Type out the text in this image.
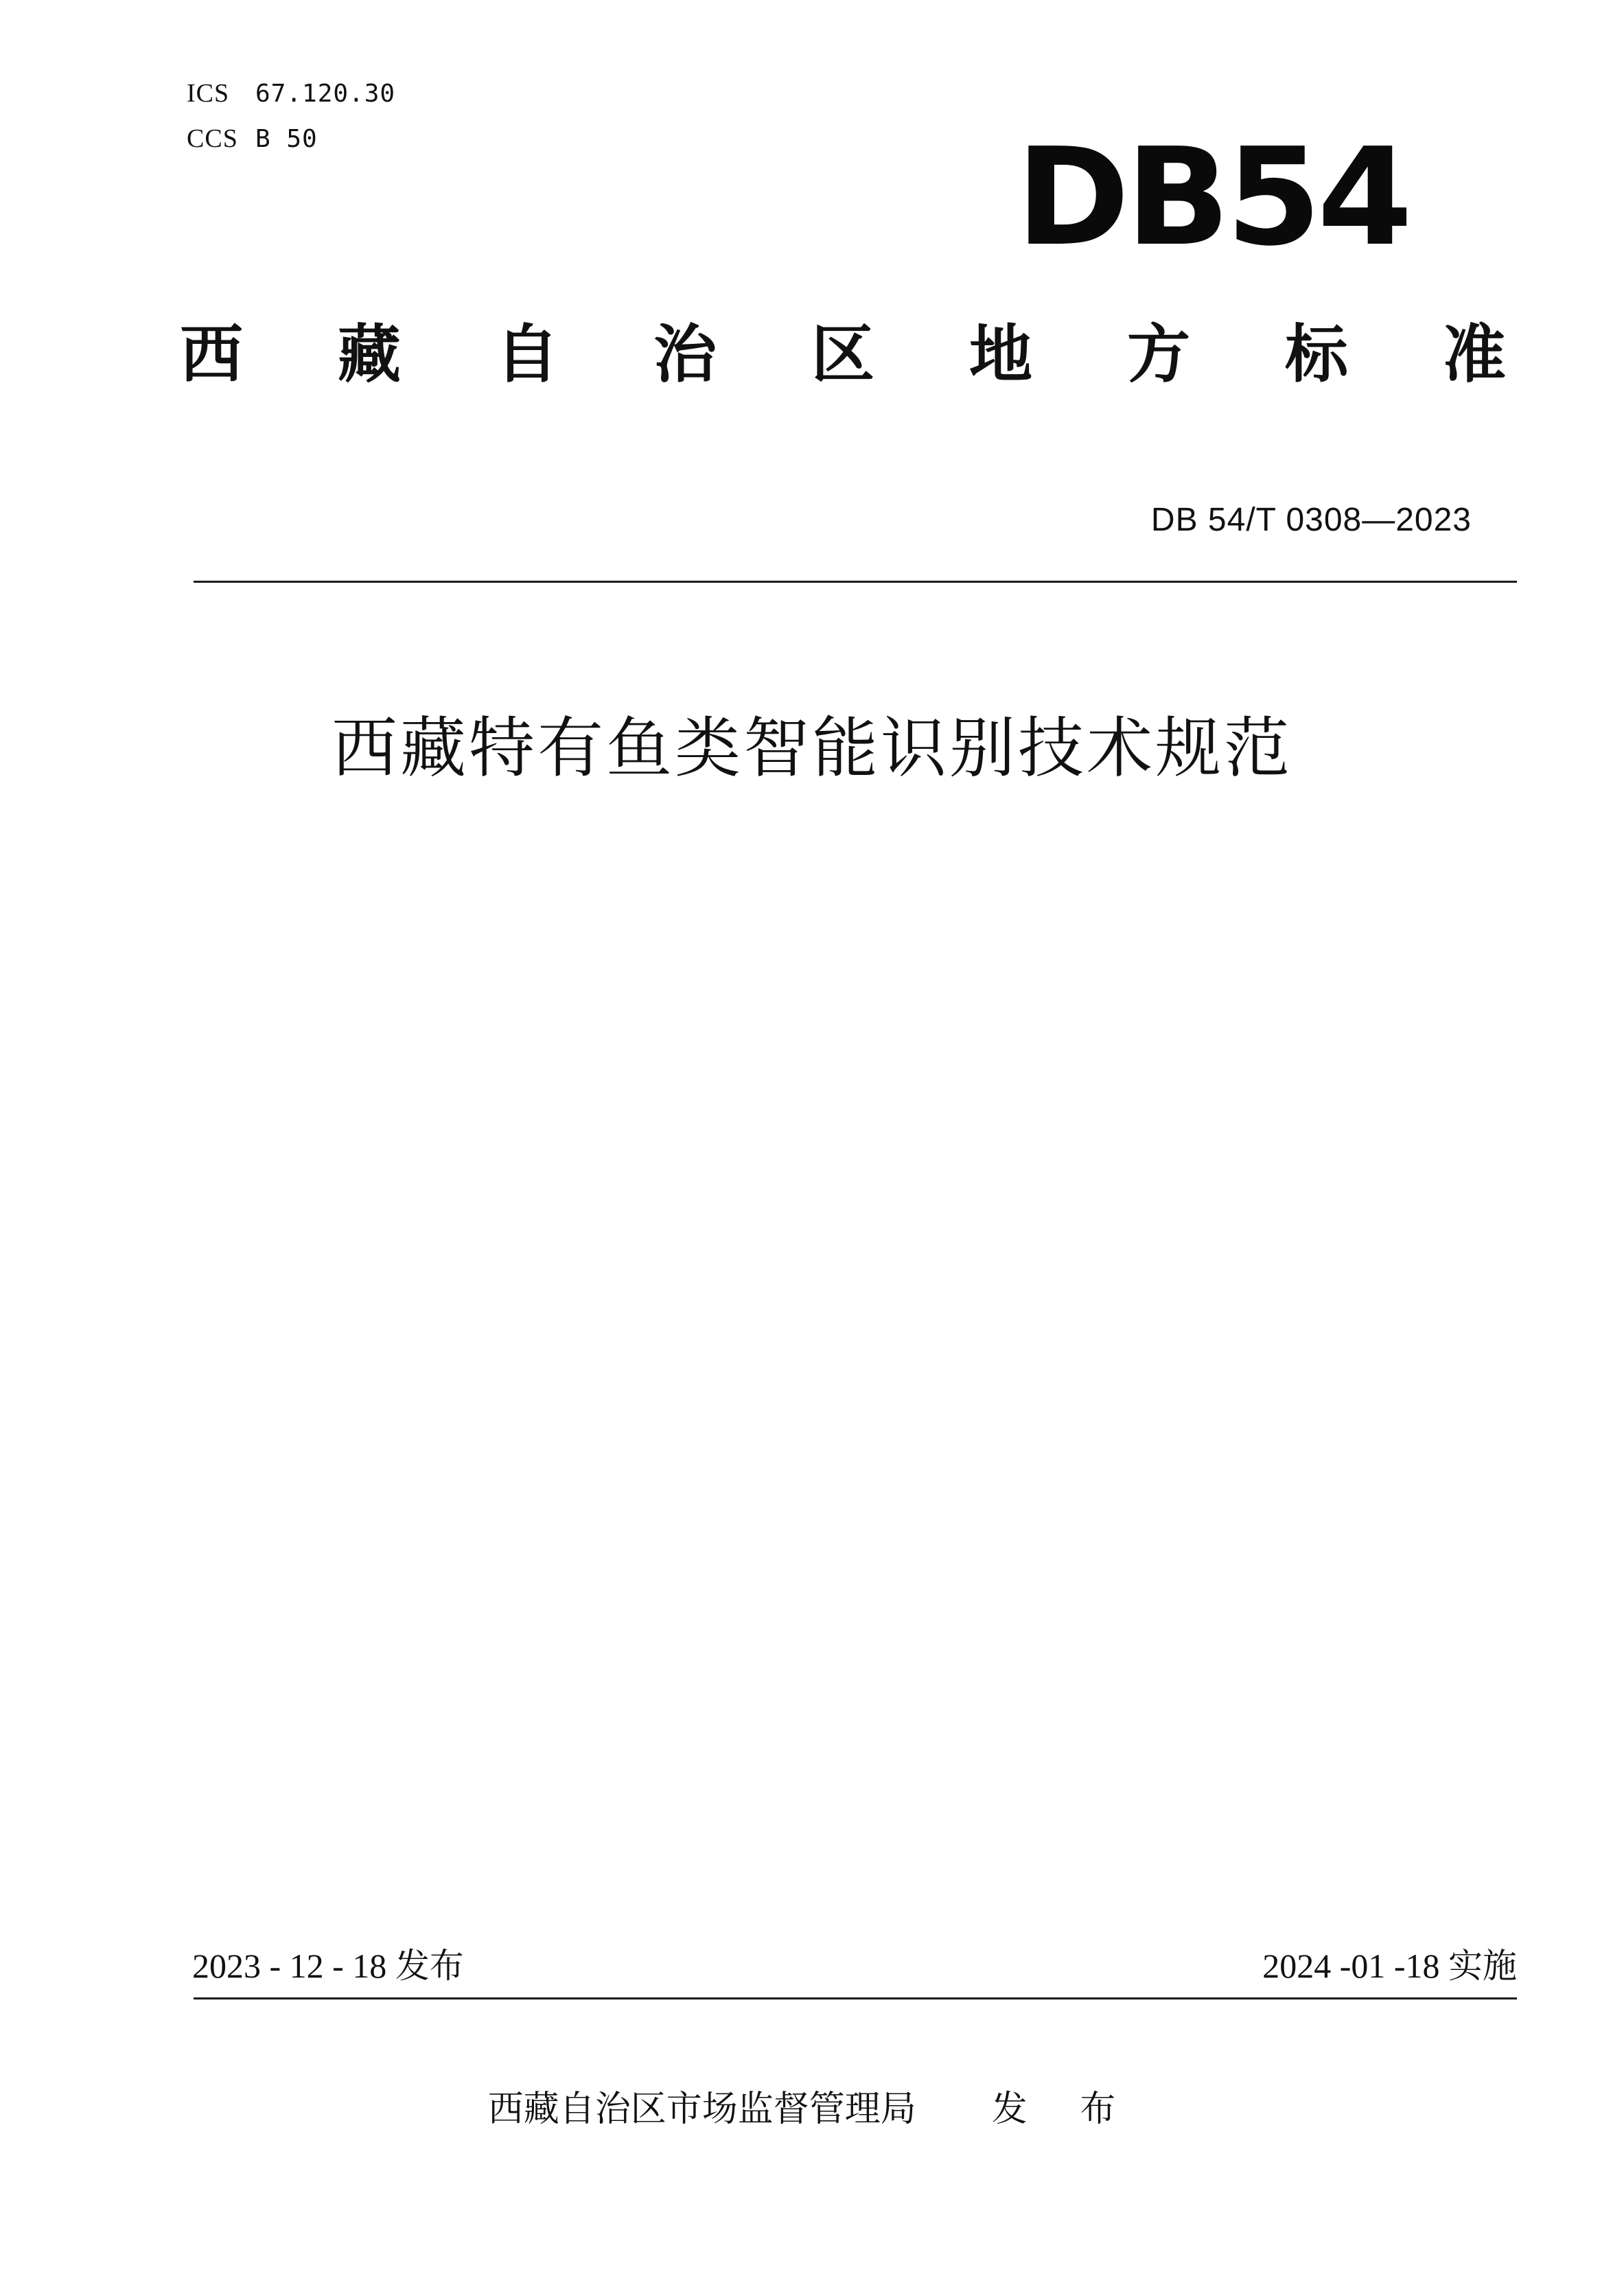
ICS 67.120.30
CCS B 50	DB54
西 藏 自 治 区 地 方 标 准
DB 54/T 0308—2023
西藏特有鱼类智能识别技术规范
2023 - 12 - 18 发布	2024 -01 -18 实施
西藏自治区市场监督管理局 发 布
